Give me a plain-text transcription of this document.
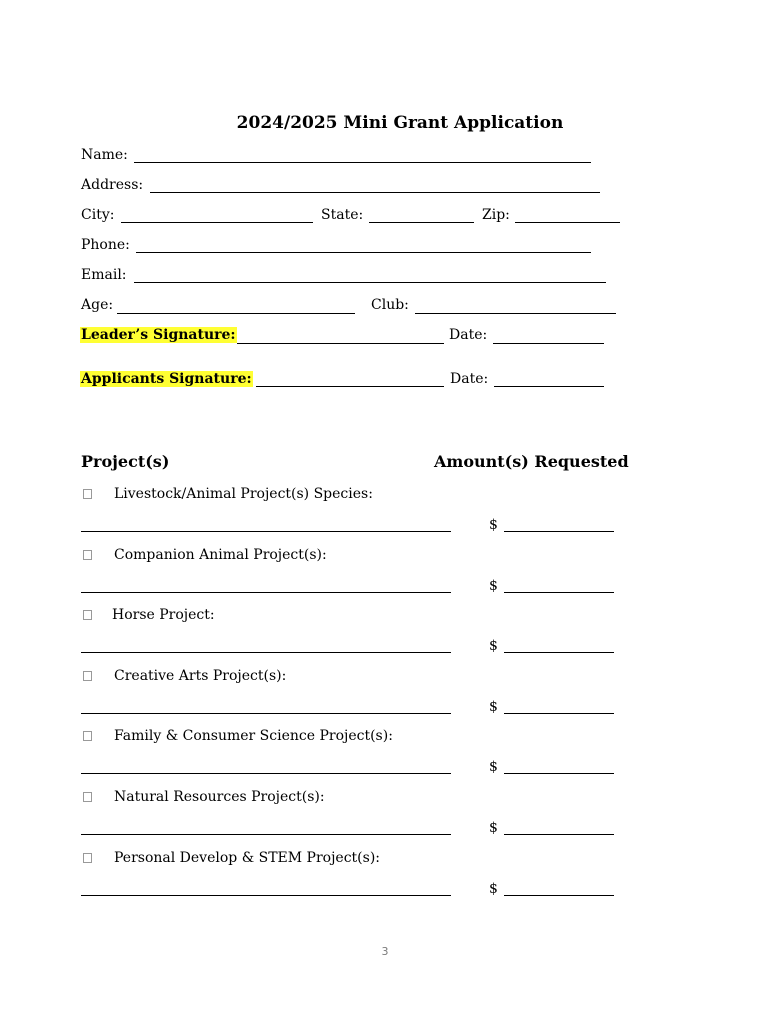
2024/2025 Mini Grant Application
Name:
Address:
City:	State:	Zip:
Phone:
Email:
Age:	Club:
Leader’s Signature:	Date:
Applicants Signature:	Date:
Project(s)	Amount(s) Requested
Livestock/Animal Project(s) Species:
$
Companion Animal Project(s):
$
Horse Project:
$
Creative Arts Project(s):
$
Family & Consumer Science Project(s):
$
Natural Resources Project(s):
$
Personal Develop & STEM Project(s):
$
3
